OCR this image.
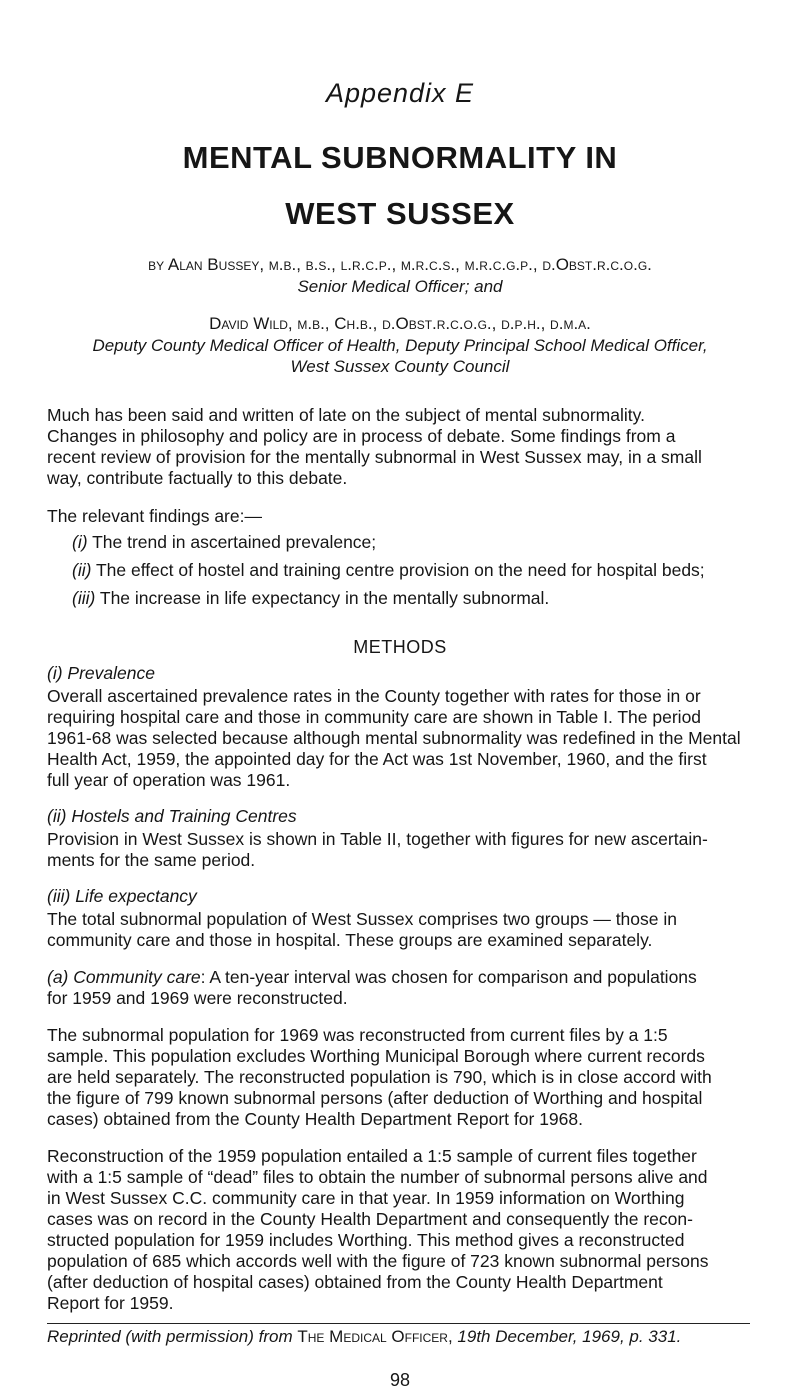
Appendix E
MENTAL SUBNORMALITY IN
WEST SUSSEX
by Alan Bussey, m.b., b.s., l.r.c.p., m.r.c.s., m.r.c.g.p., d.Obst.r.c.o.g.
Senior Medical Officer; and
David Wild, m.b., Ch.b., d.Obst.r.c.o.g., d.p.h., d.m.a.
Deputy County Medical Officer of Health, Deputy Principal School Medical Officer,
West Sussex County Council
Much has been said and written of late on the subject of mental subnormality.
Changes in philosophy and policy are in process of debate. Some findings from a
recent review of provision for the mentally subnormal in West Sussex may, in a small
way, contribute factually to this debate.
The relevant findings are:—
(i) The trend in ascertained prevalence;
(ii) The effect of hostel and training centre provision on the need for hospital beds;
(iii) The increase in life expectancy in the mentally subnormal.
METHODS
(i) Prevalence
Overall ascertained prevalence rates in the County together with rates for those in or
requiring hospital care and those in community care are shown in Table I. The period
1961-68 was selected because although mental subnormality was redefined in the Mental
Health Act, 1959, the appointed day for the Act was 1st November, 1960, and the first
full year of operation was 1961.
(ii) Hostels and Training Centres
Provision in West Sussex is shown in Table II, together with figures for new ascertain-
ments for the same period.
(iii) Life expectancy
The total subnormal population of West Sussex comprises two groups — those in
community care and those in hospital. These groups are examined separately.
(a) Community care: A ten-year interval was chosen for comparison and populations
for 1959 and 1969 were reconstructed.
The subnormal population for 1969 was reconstructed from current files by a 1:5
sample. This population excludes Worthing Municipal Borough where current records
are held separately. The reconstructed population is 790, which is in close accord with
the figure of 799 known subnormal persons (after deduction of Worthing and hospital
cases) obtained from the County Health Department Report for 1968.
Reconstruction of the 1959 population entailed a 1:5 sample of current files together
with a 1:5 sample of “dead” files to obtain the number of subnormal persons alive and
in West Sussex C.C. community care in that year. In 1959 information on Worthing
cases was on record in the County Health Department and consequently the recon-
structed population for 1959 includes Worthing. This method gives a reconstructed
population of 685 which accords well with the figure of 723 known subnormal persons
(after deduction of hospital cases) obtained from the County Health Department
Report for 1959.
Reprinted (with permission) from The Medical Officer, 19th December, 1969, p. 331.
98
